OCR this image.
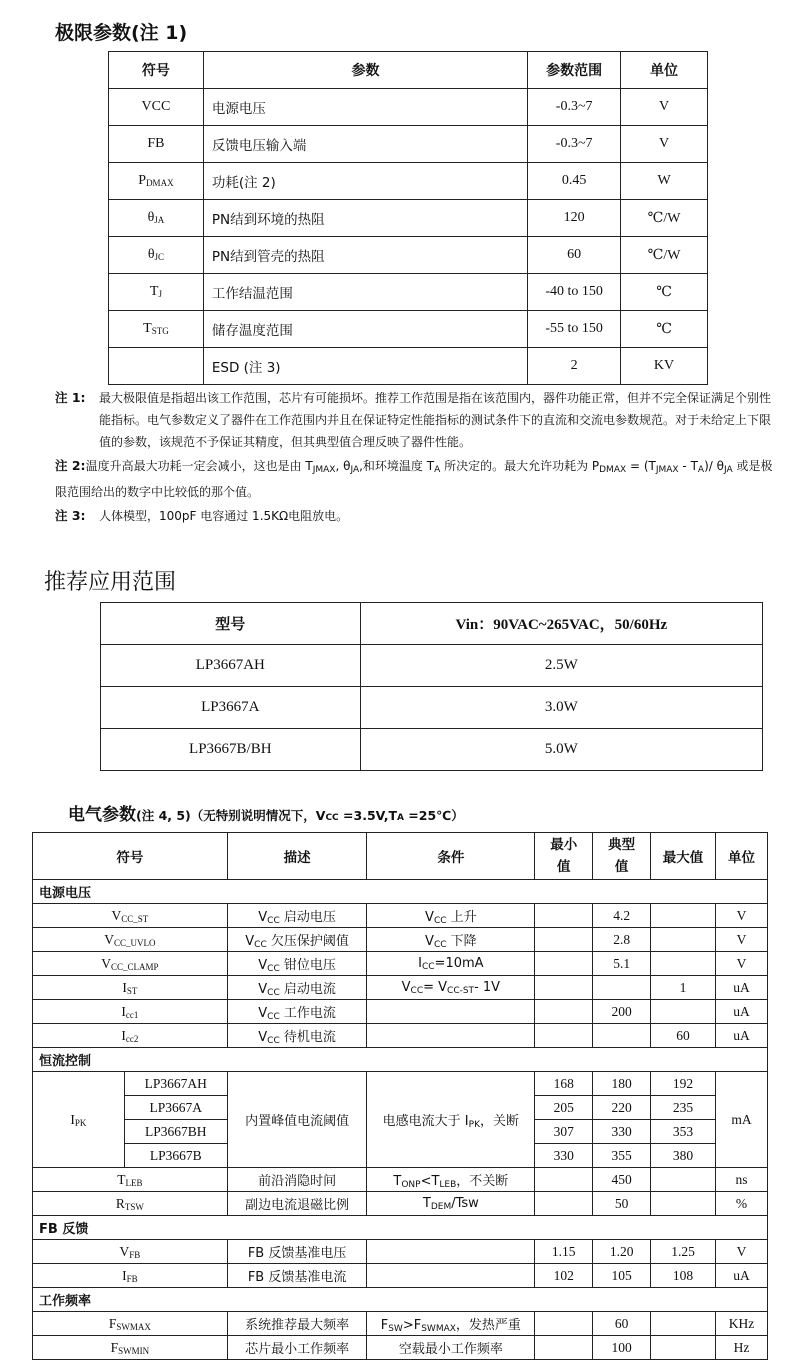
极限参数(注 1)
符号	参数	参数范围	单位
VCC	电源电压	-0.3~7	V
FB	反馈电压输入端	-0.3~7	V
$P_{DMAX}$	功耗(注 2)	0.45	W
$\theta_{JA}$	PN结到环境的热阻	120	℃/W
$\theta_{JC}$	PN结到管壳的热阻	60	℃/W
$T_J$	工作结温范围	-40 to 150	℃
$T_{STG}$	储存温度范围	-55 to 150	℃
	ESD (注 3)	2	KV
注 1: 最大极限值是指超出该工作范围，芯片有可能损坏。推荐工作范围是指在该范围内，器件功能正常，但并不完全保证满足个别性能指标。电气参数定义了器件在工作范围内并且在保证特定性能指标的测试条件下的直流和交流电参数规范。对于未给定上下限值的参数，该规范不予保证其精度，但其典型值合理反映了器件性能。
注 2:温度升高最大功耗一定会减小，这也是由 $T_{JMAX}$, $\theta_{JA}$,和环境温度 $T_A$ 所决定的。最大允许功耗为 $P_{DMAX} = (T_{JMAX} - T_A)/$ $\theta_{JA}$ 或是极限范围给出的数字中比较低的那个值。
注 3: 人体模型，100pF 电容通过 1.5KΩ电阻放电。
推荐应用范围
型号	Vin：90VAC~265VAC，50/60Hz
LP3667AH	2.5W
LP3667A	3.0W
LP3667B/BH	5.0W
电气参数(注 4, 5)（无特别说明情况下，VCC =3.5V,TA =25℃）
符号		描述	条件	最小值	典型值	最大值	单位
电源电压							
$V_{CC\_ST}$		$V_{CC}$ 启动电压	$V_{CC}$ 上升		4.2		V
$V_{CC\_UVLO}$		$V_{CC}$ 欠压保护阈值	$V_{CC}$ 下降		2.8		V
$V_{CC\_CLAMP}$		$V_{CC}$ 钳位电压	$I_{CC}=10mA$		5.1		V
$I_{ST}$		$V_{CC}$ 启动电流	$V_{CC}= V_{CC-ST}-$ 1V			1	uA
$I_{cc1}$		$V_{CC}$ 工作电流			200		uA
$I_{cc2}$		$V_{CC}$ 待机电流				60	uA
恒流控制							
$I_{PK}$	LP3667AH	内置峰值电流阈值	电感电流大于 $I_{PK}$，关断	168	180	192	mA
	LP3667A			205	220	235	
	LP3667BH			307	330	353	
	LP3667B			330	355	380	
$T_{LEB}$		前沿消隐时间	$T_{ONP}<T_{LEB}$，不关断		450		ns
$R_{TSW}$		副边电流退磁比例	$T_{DEM}$/Tsw		50		%
FB 反馈							
$V_{FB}$		FB 反馈基准电压		1.15	1.20	1.25	V
$I_{FB}$		FB 反馈基准电流		102	105	108	uA
工作频率							
$F_{SWMAX}$		系统推荐最大频率	$F_{SW}>F_{SWMAX}$，发热严重		60		KHz
$F_{SWMIN}$		芯片最小工作频率	空载最小工作频率		100		Hz
